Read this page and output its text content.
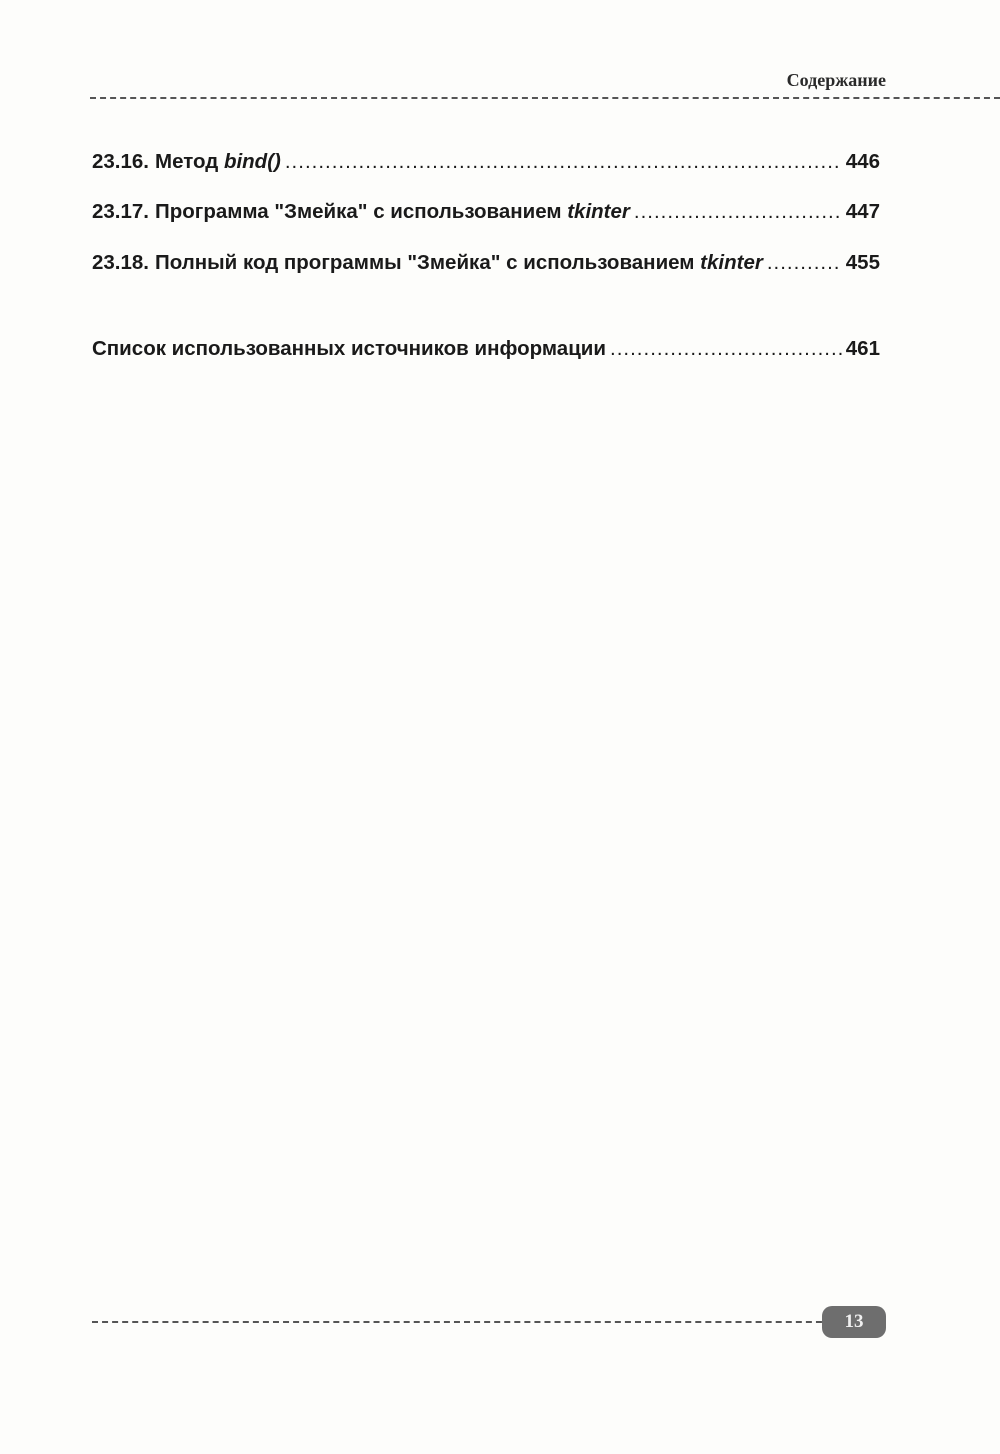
Содержание
23.16. Метод bind() .....	446
23.17. Программа "Змейка" с использованием tkinter .....	447
23.18. Полный код программы "Змейка" с использованием tkinter .....	455
Список использованных источников информации .....	461
13
